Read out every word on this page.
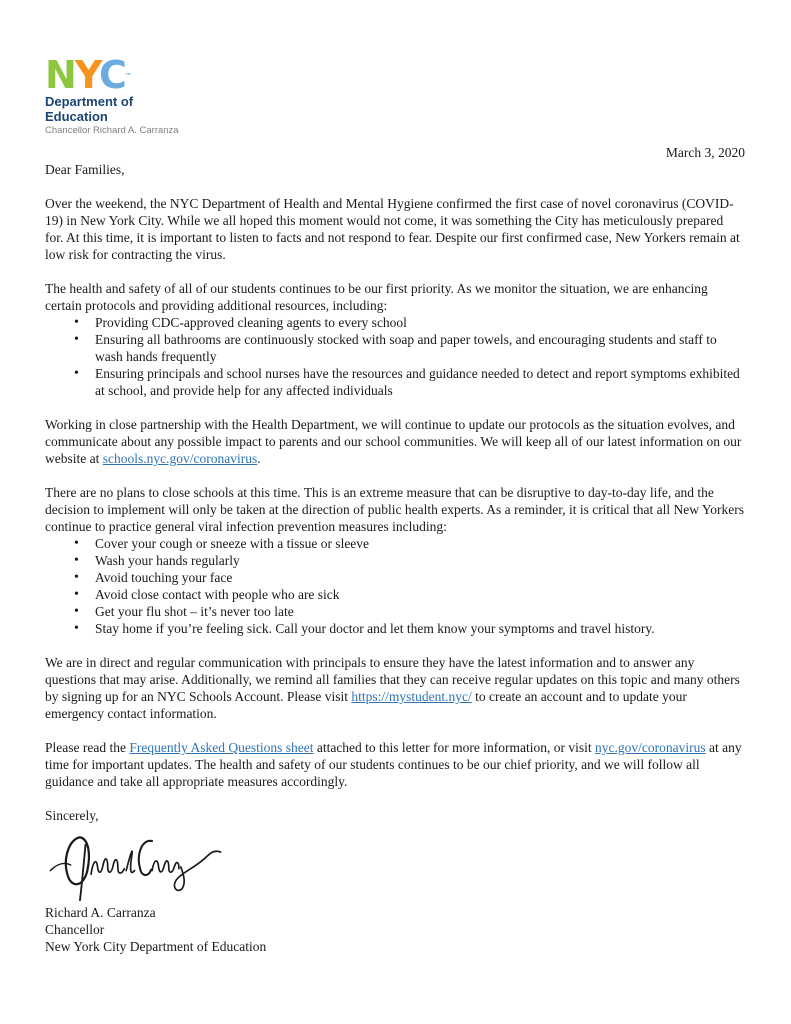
NYC™
Department of
Education
Chancellor Richard A. Carranza

March 3, 2020

Dear Families,

Over the weekend, the NYC Department of Health and Mental Hygiene confirmed the first case of novel coronavirus (COVID-19) in New York City. While we all hoped this moment would not come, it was something the City has meticulously prepared for. At this time, it is important to listen to facts and not respond to fear. Despite our first confirmed case, New Yorkers remain at low risk for contracting the virus.

The health and safety of all of our students continues to be our first priority. As we monitor the situation, we are enhancing certain protocols and providing additional resources, including:

• Providing CDC-approved cleaning agents to every school
• Ensuring all bathrooms are continuously stocked with soap and paper towels, and encouraging students and staff to wash hands frequently
• Ensuring principals and school nurses have the resources and guidance needed to detect and report symptoms exhibited at school, and provide help for any affected individuals

Working in close partnership with the Health Department, we will continue to update our protocols as the situation evolves, and communicate about any possible impact to parents and our school communities. We will keep all of our latest information on our website at schools.nyc.gov/coronavirus.

There are no plans to close schools at this time. This is an extreme measure that can be disruptive to day-to-day life, and the decision to implement will only be taken at the direction of public health experts. As a reminder, it is critical that all New Yorkers continue to practice general viral infection prevention measures including:

• Cover your cough or sneeze with a tissue or sleeve
• Wash your hands regularly
• Avoid touching your face
• Avoid close contact with people who are sick
• Get your flu shot – it’s never too late
• Stay home if you’re feeling sick. Call your doctor and let them know your symptoms and travel history.

We are in direct and regular communication with principals to ensure they have the latest information and to answer any questions that may arise. Additionally, we remind all families that they can receive regular updates on this topic and many others by signing up for an NYC Schools Account. Please visit https://mystudent.nyc/ to create an account and to update your emergency contact information.

Please read the Frequently Asked Questions sheet attached to this letter for more information, or visit nyc.gov/coronavirus at any time for important updates. The health and safety of our students continues to be our chief priority, and we will follow all guidance and take all appropriate measures accordingly.

Sincerely,

Richard A. Carranza

Chancellor

New York City Department of Education
